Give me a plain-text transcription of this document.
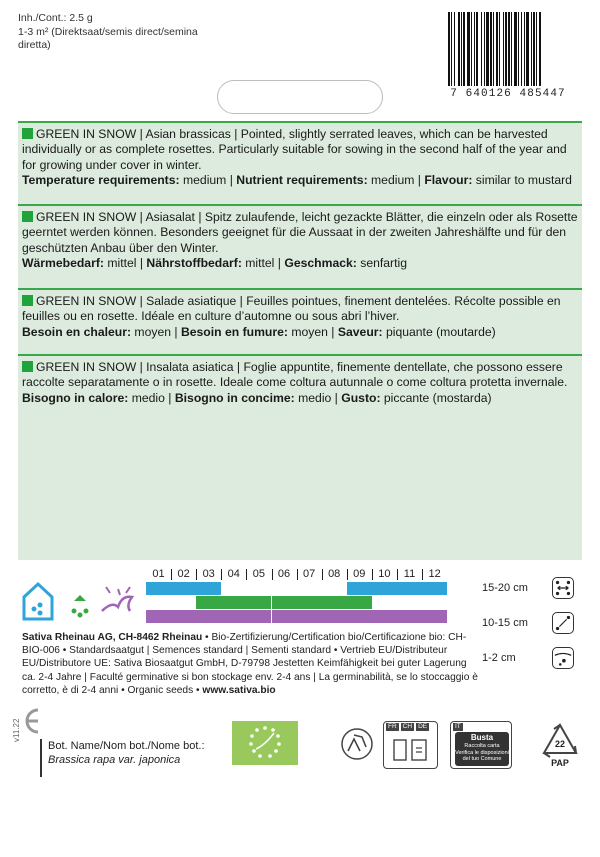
Inh./Cont.: 2.5 g
1-3 m² (Direktsaat/semis direct/semina
diretta)
7 640126 485447
GREEN IN SNOW | Asian brassicas | Pointed, slightly serrated leaves, which can be harvested individually or as complete rosettes. Particularly suitable for sowing in the second half of the year and for growing under cover in winter.
Temperature requirements: medium | Nutrient requirements: medium | Flavour: similar to mustard
GREEN IN SNOW | Asiasalat | Spitz zulaufende, leicht gezackte Blätter, die einzeln oder als Rosette geerntet werden können. Besonders geeignet für die Aussaat in der zweiten Jahreshälfte und für den geschützten Anbau über den Winter.
Wärmebedarf: mittel | Nährstoffbedarf: mittel | Geschmack: senfartig
GREEN IN SNOW | Salade asiatique | Feuilles pointues, finement dentelées. Récolte possible en feuilles ou en rosette. Idéale en culture d’automne ou sous abri l’hiver.
Besoin en chaleur: moyen | Besoin en fumure: moyen | Saveur: piquante (moutarde)
GREEN IN SNOW | Insalata asiatica | Foglie appuntite, finemente dentellate, che possono essere raccolte separatamente o in rosette. Ideale come coltura autunnale o come coltura protetta invernale.
Bisogno in calore: medio | Bisogno in concime: medio | Gusto: piccante (mostarda)
01	02	03	04	05	06	07	08	09	10	11	12
15-20 cm
10-15 cm
1-2 cm
Sativa Rheinau AG, CH-8462 Rheinau • Bio-Zertifizierung/Certification bio/Certificazione bio: CH-BIO-006 • Standardsaatgut | Semences standard | Sementi standard • Vertrieb EU/Distributeur EU/Distributore UE: Sativa Biosaatgut GmbH, D-79798 Jestetten Keimfähigkeit bei guter Lagerung ca. 2-4 Jahre | Faculté germinative si bon stockage env. 2-4 ans | La germinabilità, se lo stoccaggio è corretto, è di 2-4 anni • Organic seeds • www.sativa.bio
v11.22
Bot. Name/Nom bot./Nome bot.:
Brassica rapa var. japonica
FR CH DE	IT
Busta
Raccolta carta
Verifica le disposizioni
del tuo Comune
22
PAP
